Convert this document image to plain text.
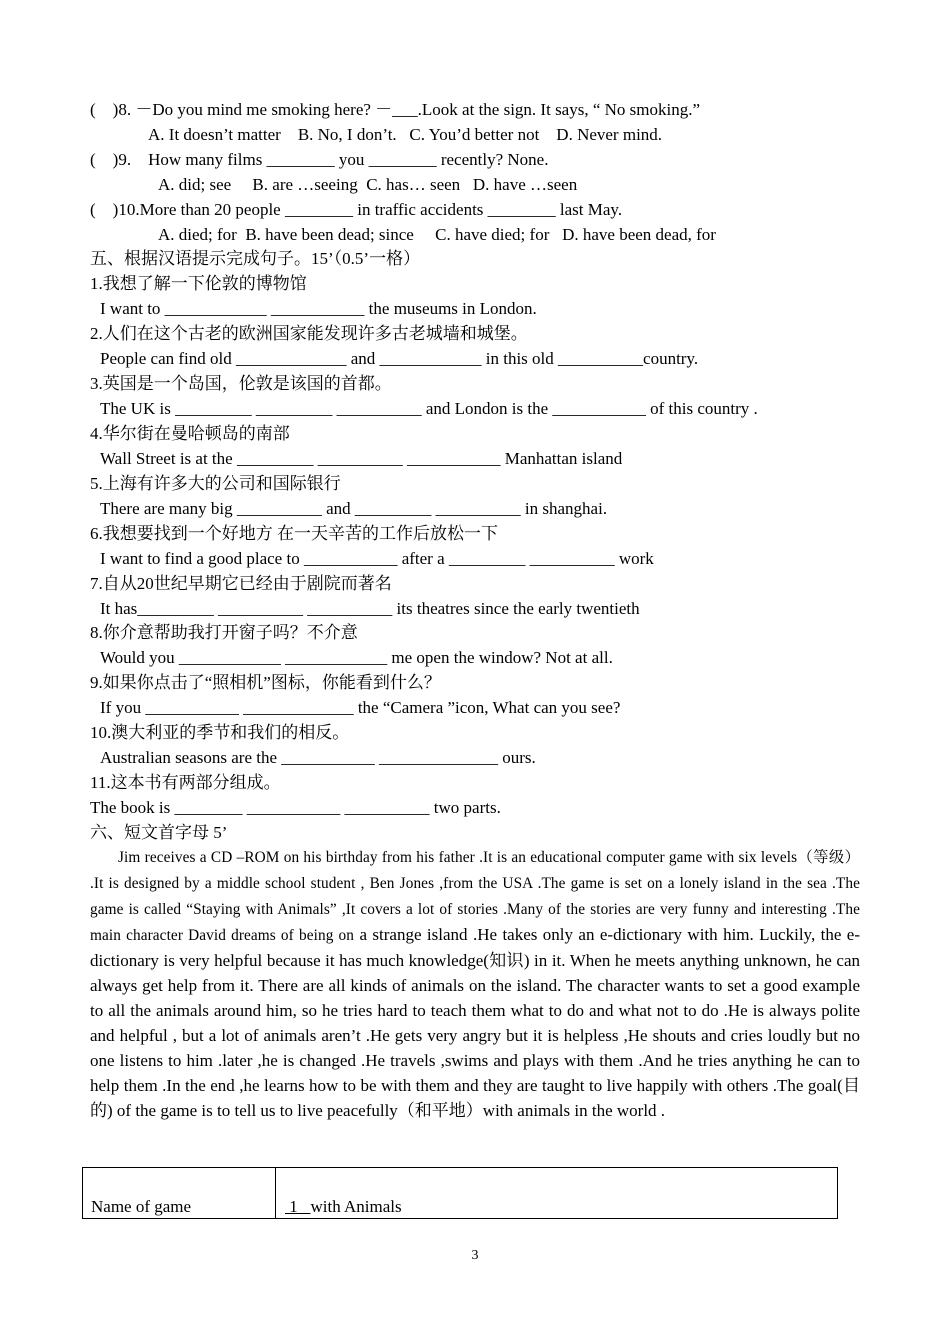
(    )8. －Do you mind me smoking here? －___.Look at the sign. It says, “ No smoking.”
A. It doesn’t matter    B. No, I don’t.   C. You’d better not    D. Never mind.
(    )9.    How many films ________ you ________ recently? None.
A. did; see     B. are …seeing  C. has… seen   D. have …seen
(    )10.More than 20 people ________ in traffic accidents ________ last May.
A. died; for  B. have been dead; since     C. have died; for   D. have been dead, for
五、根据汉语提示完成句子。15’（0.5’一格）
1.我想了解一下伦敦的博物馆
I want to ____________ ___________ the museums in London.
2.人们在这个古老的欧洲国家能发现许多古老城墙和城堡。
People can find old _____________ and ____________ in this old __________country.
3.英国是一个岛国，伦敦是该国的首都。
The UK is _________ _________ __________ and London is the ___________ of this country .
4.华尔街在曼哈顿岛的南部
Wall Street is at the _________ __________ ___________ Manhattan island
5.上海有许多大的公司和国际银行
There are many big __________ and _________ __________ in shanghai.
6.我想要找到一个好地方 在一天辛苦的工作后放松一下
I want to find a good place to ___________ after a _________ __________ work
7.自从20世纪早期它已经由于剧院而著名
It has_________ __________ __________ its theatres since the early twentieth
8.你介意帮助我打开窗子吗？不介意
Would you ____________ ____________ me open the window? Not at all.
9.如果你点击了“照相机”图标，你能看到什么？
If you ___________ _____________ the “Camera ”icon, What can you see?
10.澳大利亚的季节和我们的相反。
Australian seasons are the ___________ ______________ ours.
11.这本书有两部分组成。
The book is ________ ___________ __________ two parts.
六、短文首字母 5’
Jim receives a CD –ROM on his birthday from his father .It is an educational computer game with six levels（等级） .It is designed by a middle school student , Ben Jones ,from the USA .The game is set on a lonely island in the sea .The game is called “Staying with Animals” ,It covers a lot of stories .Many of the stories are very funny and interesting .The main character David dreams of being on a strange island .He takes only an e-dictionary with him. Luckily, the e-dictionary is very helpful because it has much knowledge(知识) in it. When he meets anything unknown, he can always get help from it. There are all kinds of animals on the island. The character wants to set a good example to all the animals around him, so he tries hard to teach them what to do and what not to do .He is always polite and helpful , but a lot of animals aren’t .He gets very angry but it is helpless ,He shouts and cries loudly but no one listens to him .later ,he is changed .He travels ,swims and plays with them .And he tries anything he can to help them .In the end ,he learns how to be with them and they are taught to live happily with others .The goal(目的) of the game is to tell us to live peacefully（和平地）with animals in the world .
Name of game	1   with Animals
3
